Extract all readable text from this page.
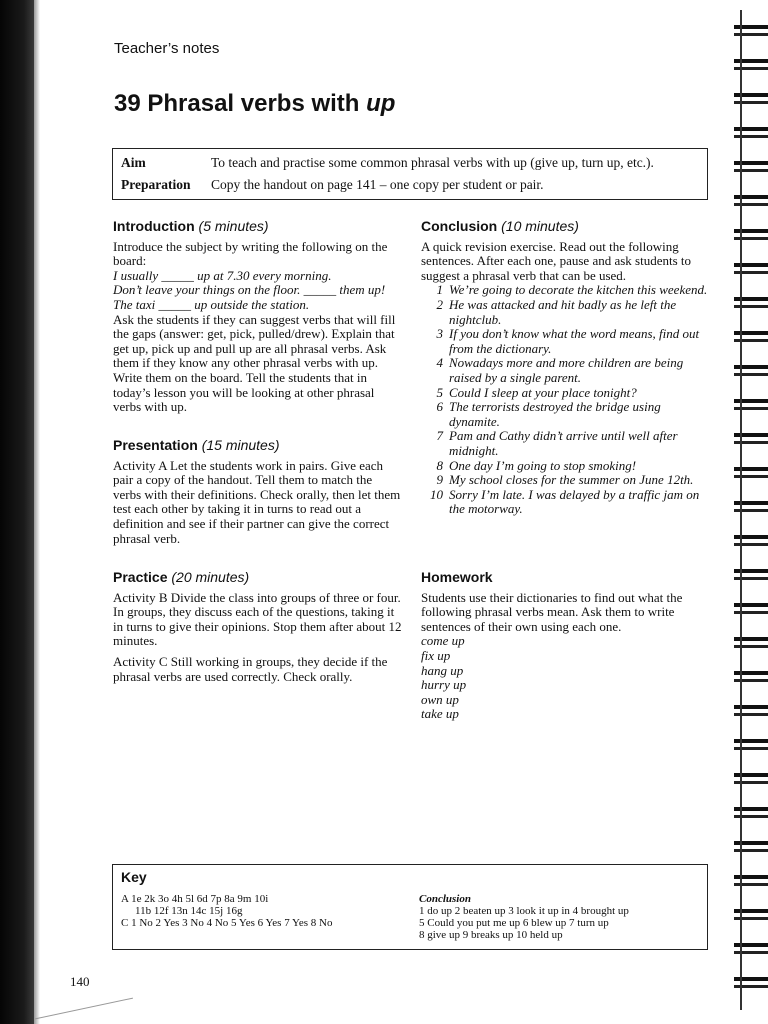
Teacher’s notes
39 Phrasal verbs with up
Aim	To teach and practise some common phrasal verbs with up (give up, turn up, etc.).
Preparation	Copy the handout on page 141 – one copy per student or pair.
Introduction (5 minutes)

Introduce the subject by writing the following on the board:

I usually _____ up at 7.30 every morning.

Don’t leave your things on the floor. _____ them up!

The taxi _____ up outside the station.

Ask the students if they can suggest verbs that will fill the gaps (answer: get, pick, pulled/drew). Explain that get up, pick up and pull up are all phrasal verbs. Ask them if they know any other phrasal verbs with up. Write them on the board. Tell the students that in today’s lesson you will be looking at other phrasal verbs with up.

Presentation (15 minutes)

Activity A Let the students work in pairs. Give each pair a copy of the handout. Tell them to match the verbs with their definitions. Check orally, then let them test each other by taking it in turns to read out a definition and see if their partner can give the correct phrasal verb.

Practice (20 minutes)

Activity B Divide the class into groups of three or four. In groups, they discuss each of the questions, taking it in turns to give their opinions. Stop them after about 12 minutes.

Activity C Still working in groups, they decide if the phrasal verbs are used correctly. Check orally.

Conclusion (10 minutes)

A quick revision exercise. Read out the following sentences. After each one, pause and ask students to suggest a phrasal verb that can be used.

1 We’re going to decorate the kitchen this weekend.
2 He was attacked and hit badly as he left the nightclub.
3 If you don’t know what the word means, find out from the dictionary.
4 Nowadays more and more children are being raised by a single parent.
5 Could I sleep at your place tonight?
6 The terrorists destroyed the bridge using dynamite.
7 Pam and Cathy didn’t arrive until well after midnight.
8 One day I’m going to stop smoking!
9 My school closes for the summer on June 12th.
10 Sorry I’m late. I was delayed by a traffic jam on the motorway.
Homework

Students use their dictionaries to find out what the following phrasal verbs mean. Ask them to write sentences of their own using each one.

come up
fix up
hang up
hurry up
own up
take up
Key
A 1e 2k 3o 4h 5l 6d 7p 8a 9m 10i
11b 12f 13n 14c 15j 16g
C 1 No 2 Yes 3 No 4 No 5 Yes 6 Yes 7 Yes 8 No
Conclusion
1 do up 2 beaten up 3 look it up in 4 brought up
5 Could you put me up 6 blew up 7 turn up
8 give up 9 breaks up 10 held up
140
